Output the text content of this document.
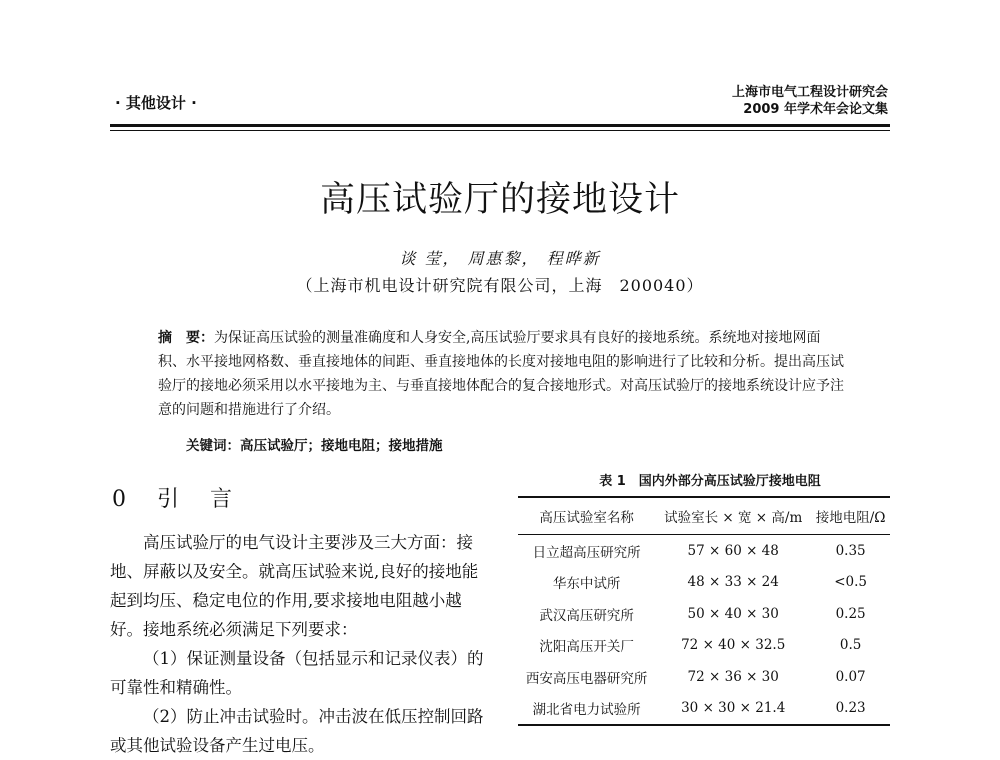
· 其他设计 ·
上海市电气工程设计研究会
2009 年学术年会论文集
高压试验厅的接地设计
谈 莹， 周惠黎， 程晔新
（上海市机电设计研究院有限公司，上海　200040）
摘　要：为保证高压试验的测量准确度和人身安全,高压试验厅要求具有良好的接地系统。系统地对接地网面积、水平接地网格数、垂直接地体的间距、垂直接地体的长度对接地电阻的影响进行了比较和分析。提出高压试验厅的接地必须采用以水平接地为主、与垂直接地体配合的复合接地形式。对高压试验厅的接地系统设计应予注意的问题和措施进行了介绍。
关键词：高压试验厅；接地电阻；接地措施
0 引 言

高压试验厅的电气设计主要涉及三大方面：接地、屏蔽以及安全。就高压试验来说,良好的接地能起到均压、稳定电位的作用,要求接地电阻越小越好。接地系统必须满足下列要求：

（1）保证测量设备（包括显示和记录仪表）的可靠性和精确性。

（2）防止冲击试验时。冲击波在低压控制回路或其他试验设备产生过电压。

表 1　国内外部分高压试验厅接地电阻
高压试验室名称	试验室长 × 宽 × 高/m	接地电阻/Ω
日立超高压研究所	57 × 60 × 48	0.35
华东中试所	48 × 33 × 24	<0.5
武汉高压研究所	50 × 40 × 30	0.25
沈阳高压开关厂	72 × 40 × 32.5	0.5
西安高压电器研究所	72 × 36 × 30	0.07
湖北省电力试验所	30 × 30 × 21.4	0.23
